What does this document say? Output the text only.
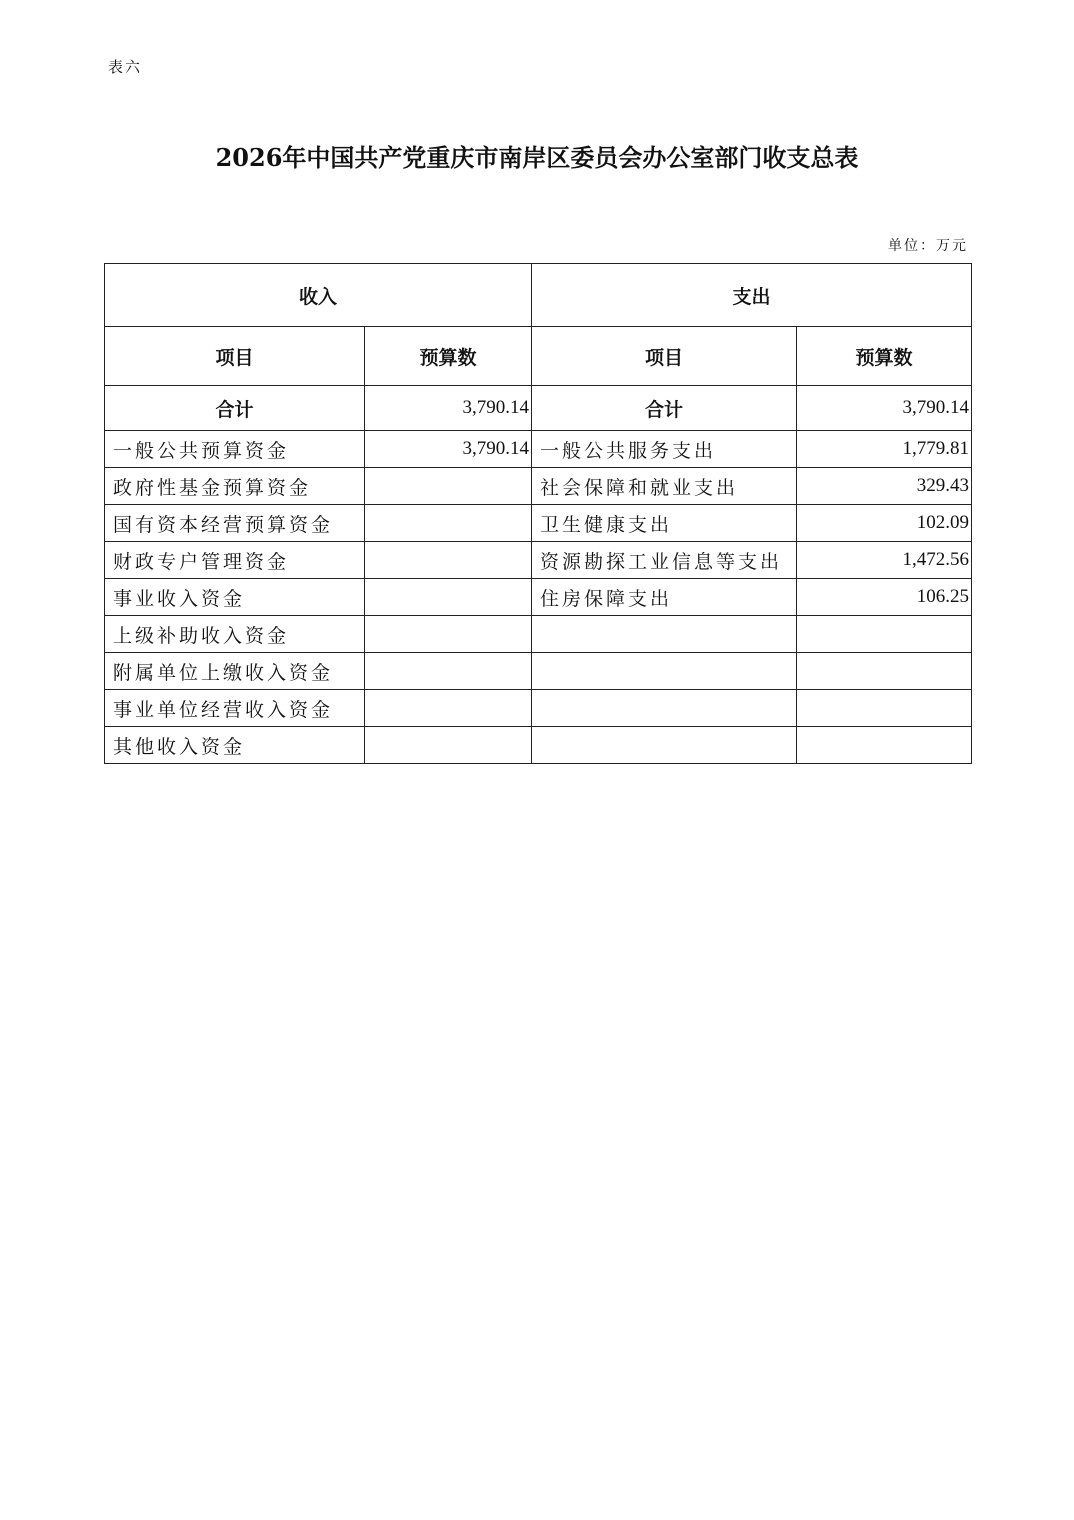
表六
2026年中国共产党重庆市南岸区委员会办公室部门收支总表
单位：万元
收入		支出	
项目	预算数	项目	预算数
合计	3,790.14	合计	3,790.14
一般公共预算资金	3,790.14	一般公共服务支出	1,779.81
政府性基金预算资金		社会保障和就业支出	329.43
国有资本经营预算资金		卫生健康支出	102.09
财政专户管理资金		资源勘探工业信息等支出	1,472.56
事业收入资金		住房保障支出	106.25
上级补助收入资金			
附属单位上缴收入资金			
事业单位经营收入资金			
其他收入资金			
